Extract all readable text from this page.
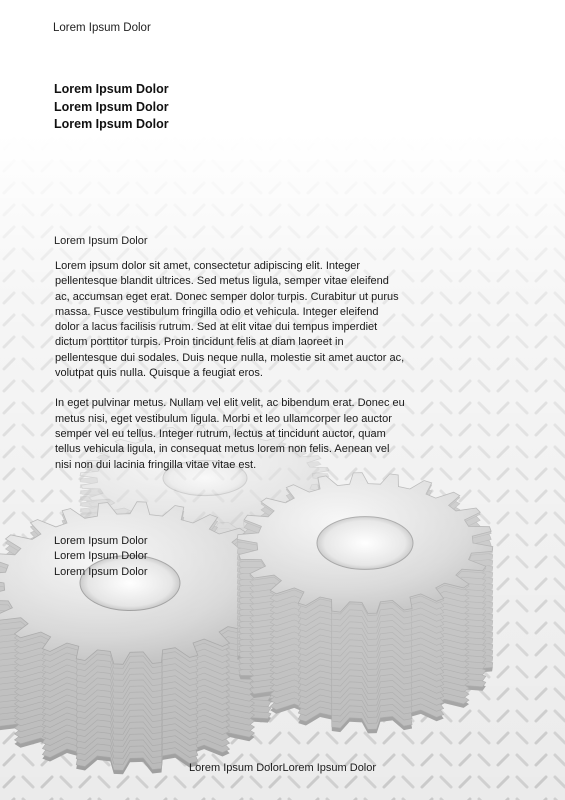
Lorem Ipsum Dolor
Lorem Ipsum Dolor
Lorem Ipsum Dolor
Lorem Ipsum Dolor
Lorem Ipsum Dolor

Lorem ipsum dolor sit amet, consectetur adipiscing elit. Integer pellentesque blandit ultrices. Sed metus ligula, semper vitae eleifend ac, accumsan eget erat. Donec semper dolor turpis. Curabitur ut purus massa. Fusce vestibulum fringilla odio et vehicula. Integer eleifend dolor a lacus facilisis rutrum. Sed at elit vitae dui tempus imperdiet dictum porttitor turpis. Proin tincidunt felis at diam laoreet in pellentesque dui sodales. Duis neque nulla, molestie sit amet auctor ac, volutpat quis nulla. Quisque a feugiat eros.

In eget pulvinar metus. Nullam vel elit velit, ac bibendum erat. Donec eu metus nisi, eget vestibulum ligula. Morbi et leo ullamcorper leo auctor semper vel eu tellus. Integer rutrum, lectus at tincidunt auctor, quam tellus vehicula ligula, in consequat metus lorem non felis. Aenean vel nisi non dui lacinia fringilla vitae vitae est.

Lorem Ipsum Dolor
Lorem Ipsum Dolor
Lorem Ipsum Dolor
Lorem Ipsum DolorLorem Ipsum Dolor
